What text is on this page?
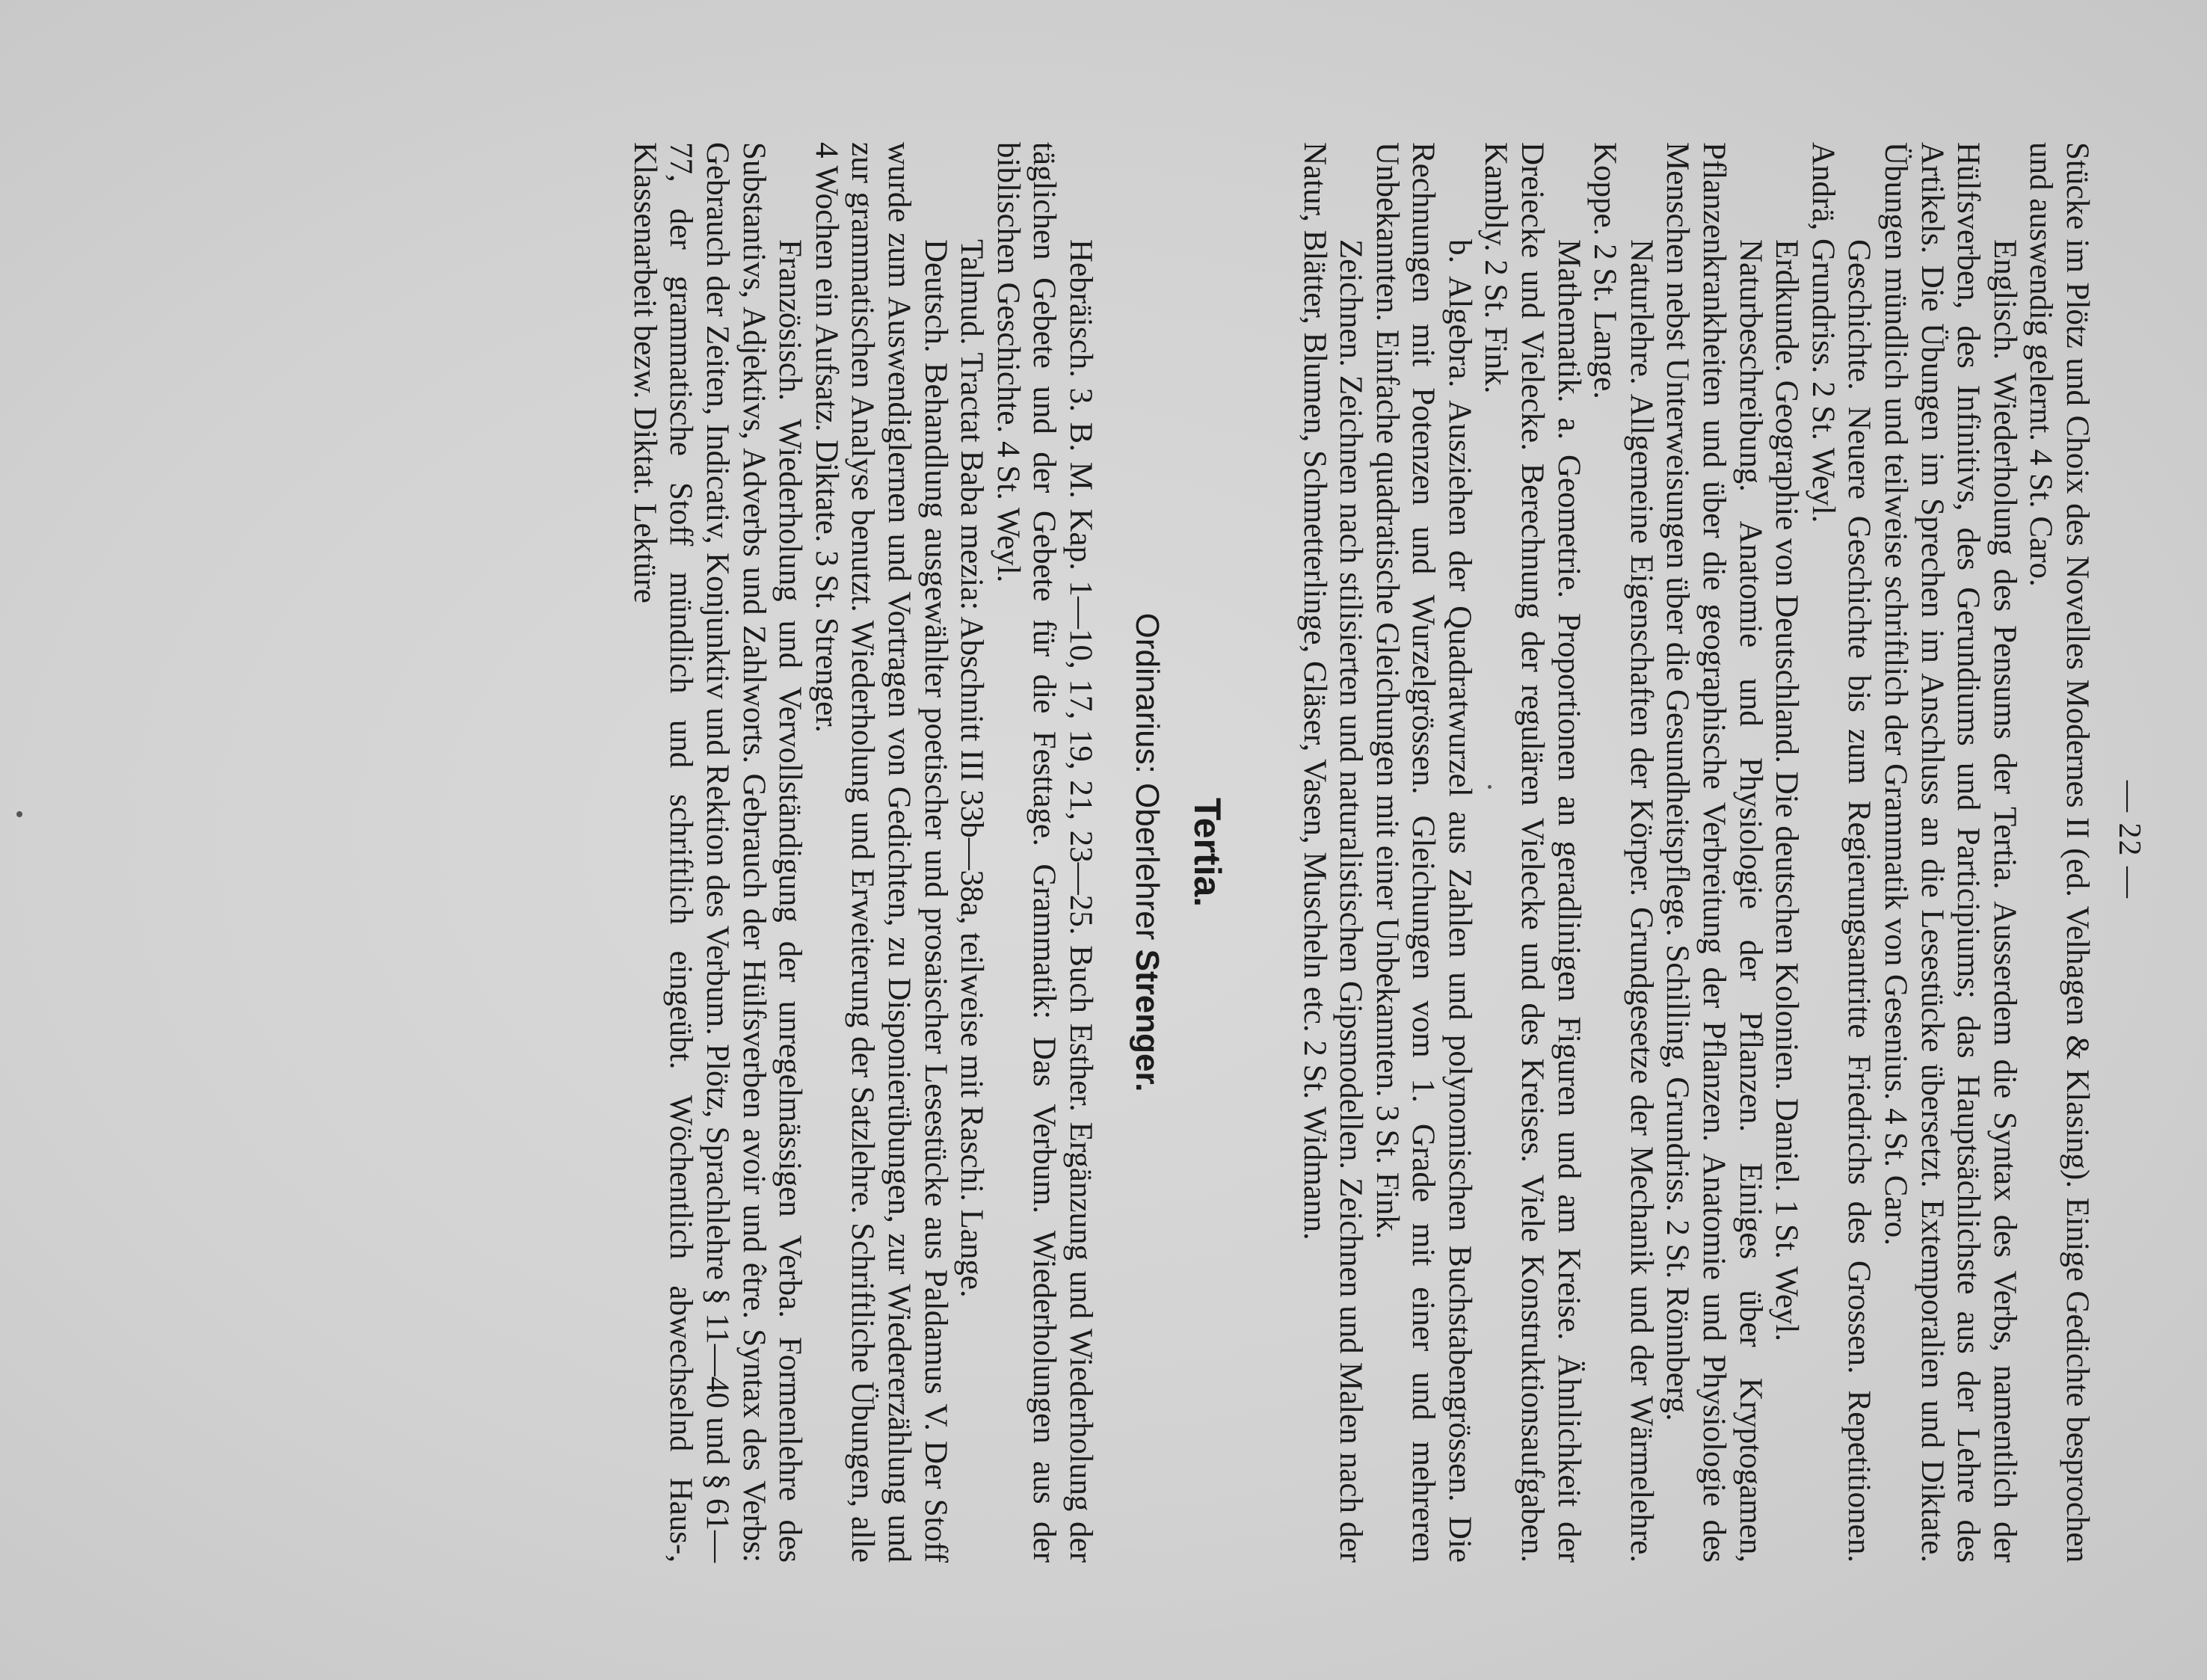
— 22 —

Stücke im Plötz und Choix des Novelles Modernes II (ed. Velhagen & Klasing). Einige Gedichte besprochen und auswendig gelernt. 4 St. Caro.

Englisch. Wiederholung des Pensums der Tertia. Ausserdem die Syntax des Verbs, namentlich der Hülfsverben, des Infinitivs, des Gerundiums und Participiums; das Hauptsächlichste aus der Lehre des Artikels. Die Übungen im Sprechen im Anschluss an die Lesestücke übersetzt. Extemporalien und Diktate. Übungen mündlich und teilweise schriftlich der Grammatik von Gesenius. 4 St. Caro.

Geschichte. Neuere Geschichte bis zum Regierungsantritte Friedrichs des Grossen. Repetitionen. Andrä, Grundriss. 2 St. Weyl.

Erdkunde. Geographie von Deutschland. Die deutschen Kolonien. Daniel. 1 St. Weyl.

Naturbeschreibung. Anatomie und Physiologie der Pflanzen. Einiges über Kryptogamen, Pflanzenkrankheiten und über die geographische Verbreitung der Pflanzen. Anatomie und Physiologie des Menschen nebst Unterweisungen über die Gesundheitspflege. Schilling, Grundriss. 2 St. Rönnberg.

Naturlehre. Allgemeine Eigenschaften der Körper. Grundgesetze der Mechanik und der Wärmelehre. Koppe. 2 St. Lange.

Mathematik. a. Geometrie. Proportionen an geradlinigen Figuren und am Kreise. Ähnlichkeit der Dreiecke und Vielecke. Berechnung der regulären Vielecke und des Kreises. Viele Konstruktionsaufgaben. Kambly. 2 St. Fink.

b. Algebra. Ausziehen der Quadratwurzel aus Zahlen und polynomischen Buchstabengrössen. Die Rechnungen mit Potenzen und Wurzelgrössen. Gleichungen vom 1. Grade mit einer und mehreren Unbekannten. Einfache quadratische Gleichungen mit einer Unbekannten. 3 St. Fink.

Zeichnen. Zeichnen nach stilisierten und naturalistischen Gipsmodellen. Zeichnen und Malen nach der Natur, Blätter, Blumen, Schmetterlinge, Gläser, Vasen, Muscheln etc. 2 St. Widmann.

Tertia.
Ordinarius: Oberlehrer Strenger.

Hebräisch. 3. B. M. Kap. 1—10, 17, 19, 21, 23—25. Buch Esther. Ergänzung und Wiederholung der täglichen Gebete und der Gebete für die Festtage. Grammatik: Das Verbum. Wiederholungen aus der biblischen Geschichte. 4 St. Weyl.

Talmud. Tractat Baba mezia: Abschnitt III 33b—38a, teilweise mit Raschi. Lange.

Deutsch. Behandlung ausgewählter poetischer und prosaischer Lesestücke aus Paldamus V. Der Stoff wurde zum Auswendiglernen und Vortragen von Gedichten, zu Disponierübungen, zur Wiedererzählung und zur grammatischen Analyse benutzt. Wiederholung und Erweiterung der Satzlehre. Schriftliche Übungen, alle 4 Wochen ein Aufsatz. Diktate. 3 St. Strenger.

Französisch. Wiederholung und Vervollständigung der unregelmässigen Verba. Formenlehre des Substantivs, Adjektivs, Adverbs und Zahlworts. Gebrauch der Hülfsverben avoir und être. Syntax des Verbs: Gebrauch der Zeiten, Indicativ, Konjunktiv und Rektion des Verbum. Plötz, Sprachlehre § 11—40 und § 61—77, der grammatische Stoff mündlich und schriftlich eingeübt. Wöchentlich abwechselnd Haus-, Klassenarbeit bezw. Diktat. Lektüre
